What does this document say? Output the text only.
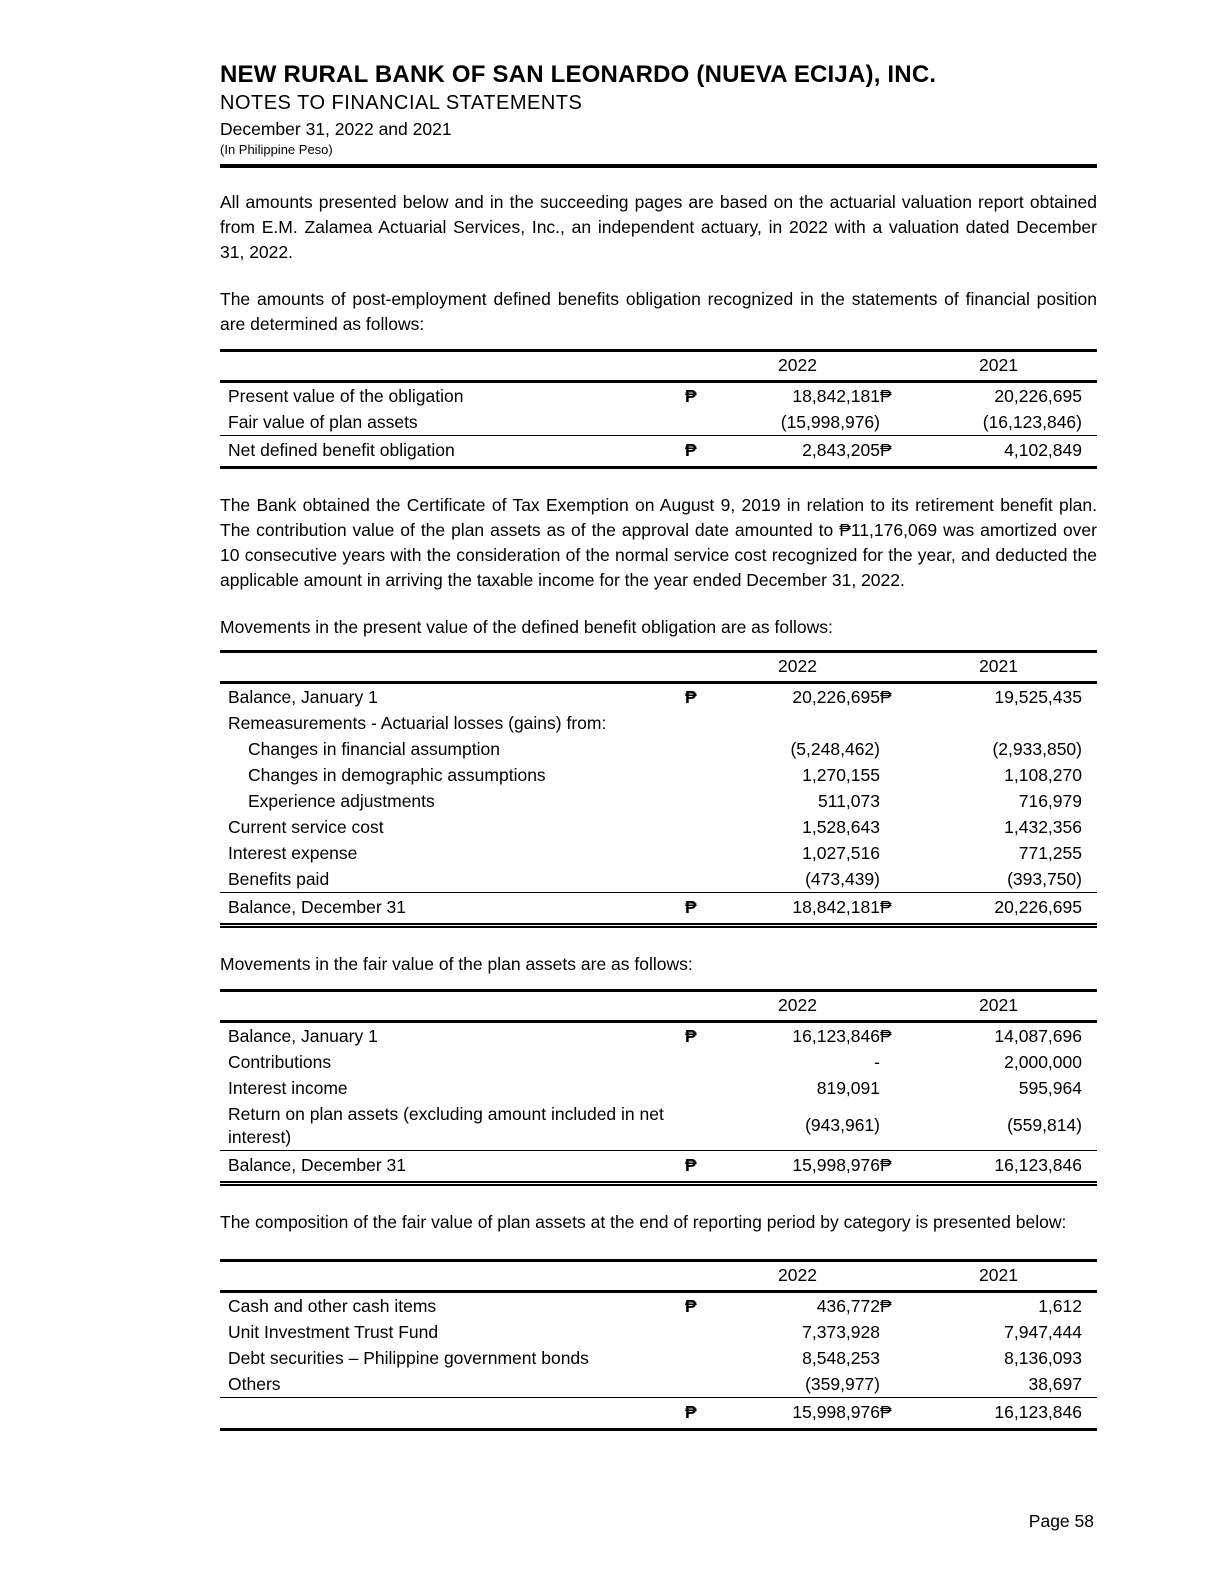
NEW RURAL BANK OF SAN LEONARDO (NUEVA ECIJA), INC.
NOTES TO FINANCIAL STATEMENTS
December 31, 2022 and 2021
(In Philippine Peso)

All amounts presented below and in the succeeding pages are based on the actuarial valuation report obtained from E.M. Zalamea Actuarial Services, Inc., an independent actuary, in 2022 with a valuation dated December 31, 2022.

The amounts of post-employment defined benefits obligation recognized in the statements of financial position are determined as follows:

		2022		2021
Present value of the obligation	₱	18,842,181	₱	20,226,695
Fair value of plan assets		(15,998,976)		(16,123,846)
Net defined benefit obligation	₱	2,843,205	₱	4,102,849

The Bank obtained the Certificate of Tax Exemption on August 9, 2019 in relation to its retirement benefit plan. The contribution value of the plan assets as of the approval date amounted to ₱11,176,069 was amortized over 10 consecutive years with the consideration of the normal service cost recognized for the year, and deducted the applicable amount in arriving the taxable income for the year ended December 31, 2022.

Movements in the present value of the defined benefit obligation are as follows:

		2022		2021
Balance, January 1	₱	20,226,695	₱	19,525,435
Remeasurements - Actuarial losses (gains) from:				
Changes in financial assumption		(5,248,462)		(2,933,850)
Changes in demographic assumptions		1,270,155		1,108,270
Experience adjustments		511,073		716,979
Current service cost		1,528,643		1,432,356
Interest expense		1,027,516		771,255
Benefits paid		(473,439)		(393,750)
Balance, December 31	₱	18,842,181	₱	20,226,695

Movements in the fair value of the plan assets are as follows:

		2022		2021
Balance, January 1	₱	16,123,846	₱	14,087,696
Contributions		-		2,000,000
Interest income		819,091		595,964
Return on plan assets (excluding amount included in net interest)		(943,961)		(559,814)
Balance, December 31	₱	15,998,976	₱	16,123,846

The composition of the fair value of plan assets at the end of reporting period by category is presented below:

		2022		2021
Cash and other cash items	₱	436,772	₱	1,612
Unit Investment Trust Fund		7,373,928		7,947,444
Debt securities – Philippine government bonds		8,548,253		8,136,093
Others		(359,977)		38,697
	₱	15,998,976	₱	16,123,846
Page 58
